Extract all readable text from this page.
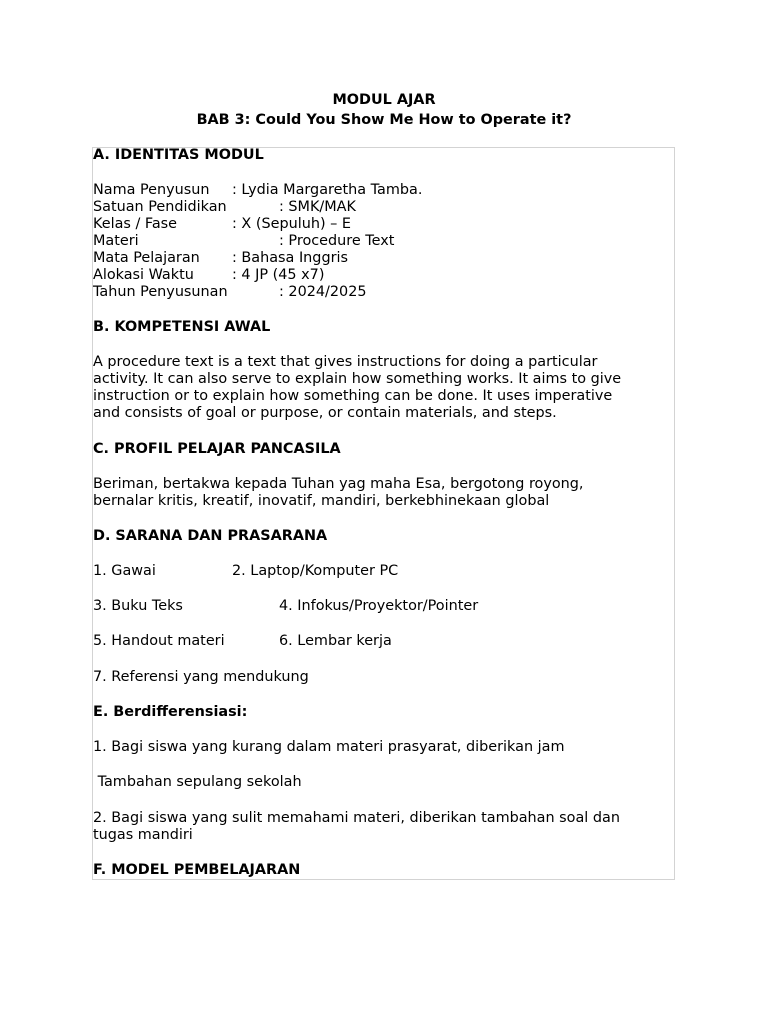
MODUL AJAR
BAB 3: Could You Show Me How to Operate it?
A. IDENTITAS MODUL
Nama Penyusun : Lydia Margaretha Tamba.
Satuan Pendidikan	: SMK/MAK
Kelas / Fase	: X (Sepuluh) – E
Materi	: Procedure Text
Mata Pelajaran : Bahasa Inggris
Alokasi Waktu	: 4 JP (45 x7)
Tahun Penyusunan	: 2024/2025
B. KOMPETENSI AWAL
A procedure text is a text that gives instructions for doing a particular
activity. It can also serve to explain how something works. It aims to give
instruction or to explain how something can be done. It uses imperative
and consists of goal or purpose, or contain materials, and steps.
C. PROFIL PELAJAR PANCASILA
Beriman, bertakwa kepada Tuhan yag maha Esa, bergotong royong,
bernalar kritis, kreatif, inovatif, mandiri, berkebhinekaan global
D. SARANA DAN PRASARANA
1. Gawai	2. Laptop/Komputer PC
3. Buku Teks	4. Infokus/Proyektor/Pointer
5. Handout materi	6. Lembar kerja
7. Referensi yang mendukung
E. Berdifferensiasi:
1. Bagi siswa yang kurang dalam materi prasyarat, diberikan jam
Tambahan sepulang sekolah
2. Bagi siswa yang sulit memahami materi, diberikan tambahan soal dan
tugas mandiri
F. MODEL PEMBELAJARAN
